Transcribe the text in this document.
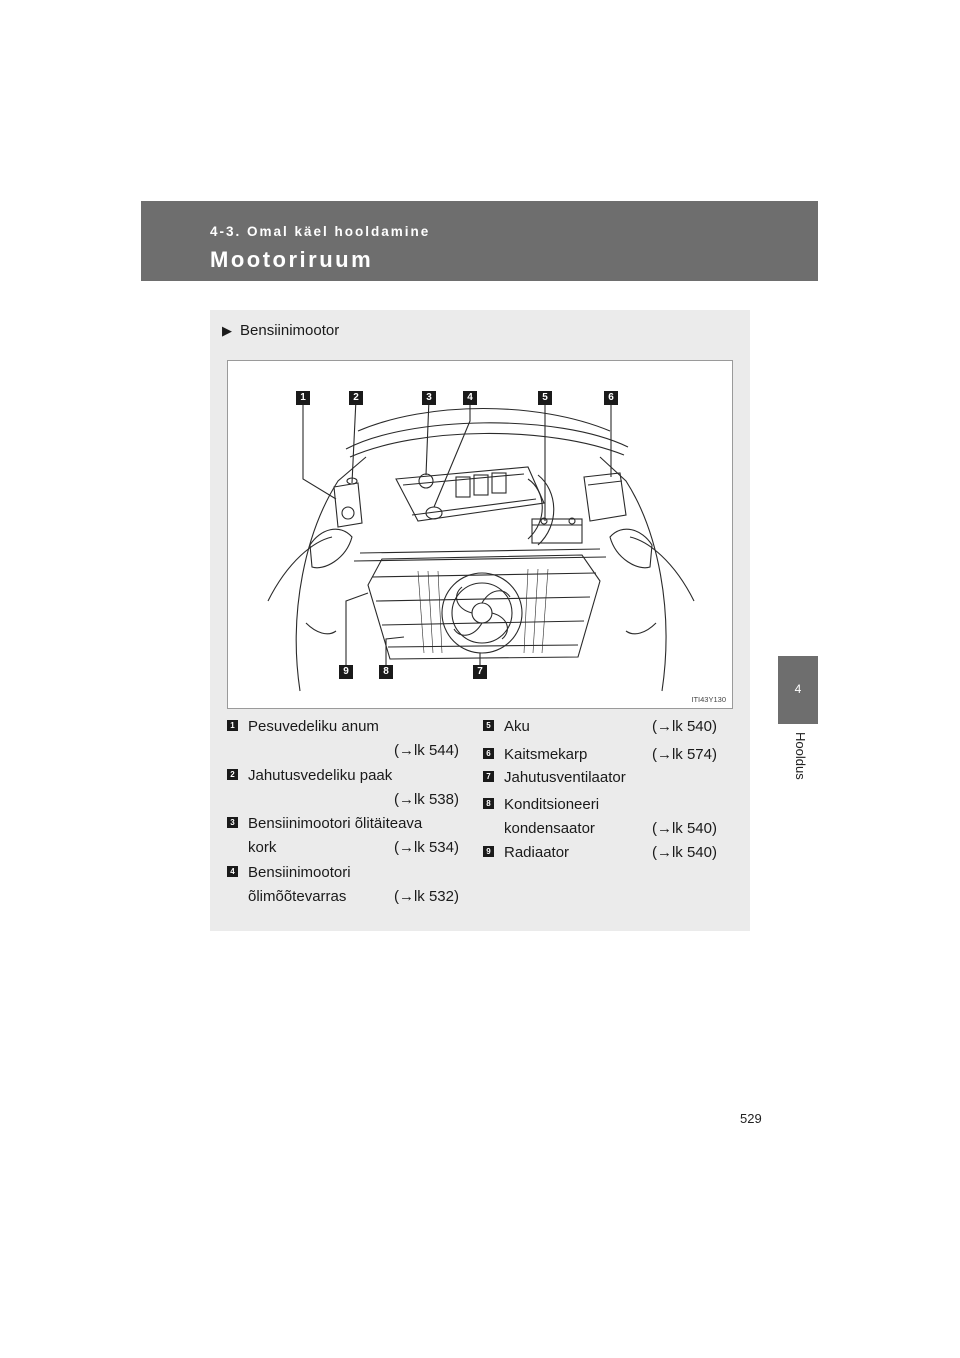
4-3. Omal käel hooldamine
Mootoriruum
4
Hooldus
529
▶ Bensiinimootor
1	2	3	4	5	6
7
8
9
ITI43Y130
1 Pesuvedeliku anum
(→lk 544)
2 Jahutusvedeliku paak
(→lk 538)
3 Bensiinimootori õlitäiteava
kork	(→lk 534)
4 Bensiinimootori
õlimõõtevarras	(→lk 532)
5 Aku	(→lk 540)
6 Kaitsmekarp	(→lk 574)
7 Jahutusventilaator
8 Konditsioneeri
kondensaator	(→lk 540)
9 Radiaator	(→lk 540)
